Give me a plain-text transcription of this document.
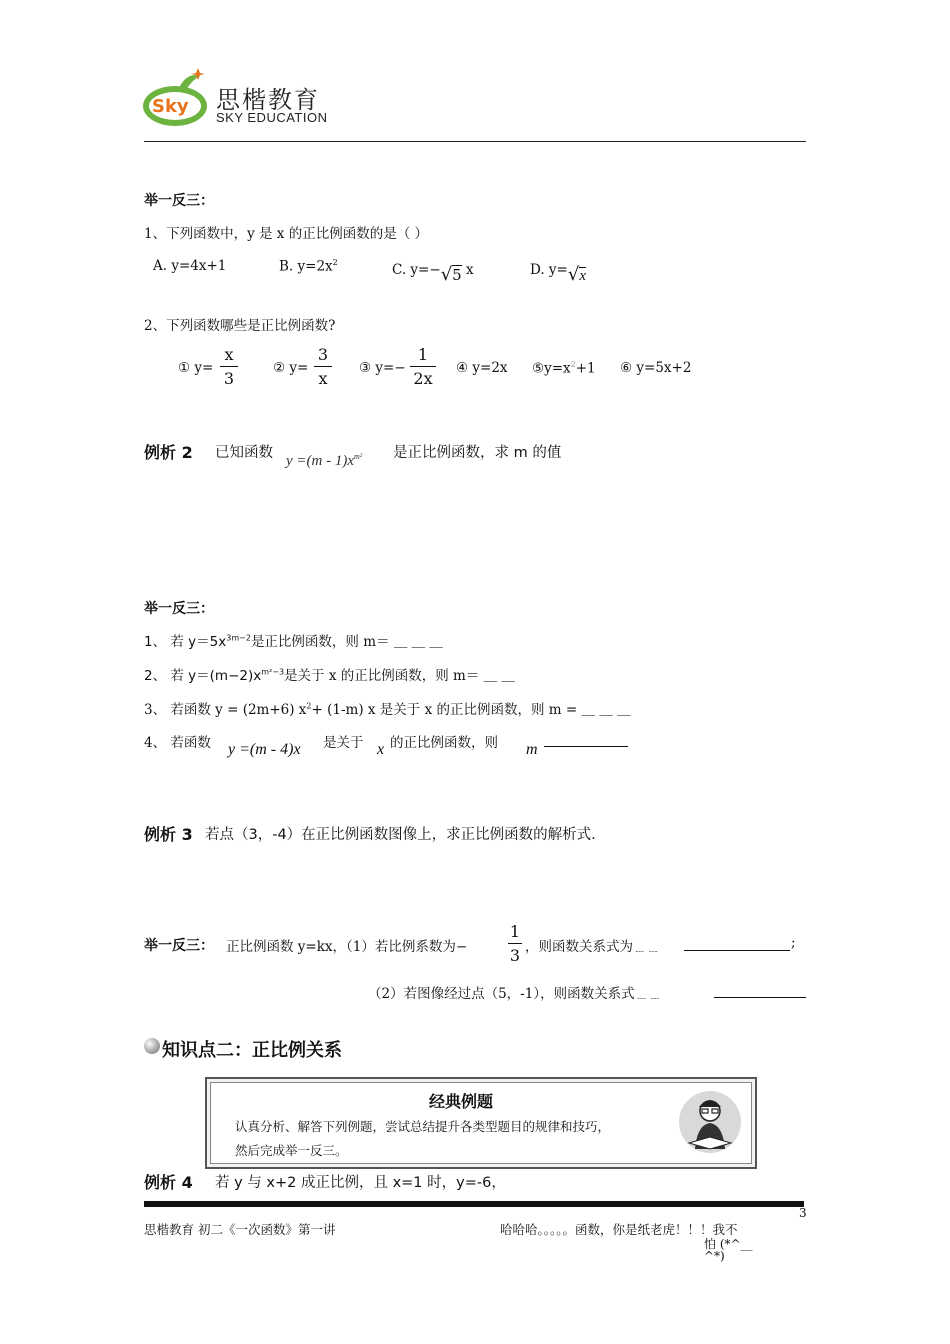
Sky 思楷教育
SKY EDUCATION
举一反三：
1、下列函数中，y 是 x 的正比例函数的是（ ）
A. y=4x+1	B. $y=2x^2$	C. y=−√5 x	D. y=√x
2、下列函数哪些是正比例函数?
① y=
x
3
② y=
3
x
③ y=−
1
2x
④ y=2x $⑤y=x^2+1$ ⑥ y=5x+2
例析 2 已知函数 $y =(m - 1)x^{m^2}$ 是正比例函数，求 m 的值
举一反三：
1、 若 $y=5x^{3m-2}$是正比例函数，则 m＝ ＿ ＿ ＿
2、 若 $y=(m-2)x^{m^2-3}$是关于 x 的正比例函数，则 m＝ ＿ ＿
3、 若函数 y = (2m+6) $x^2+ (1-m)$ x 是关于 x 的正比例函数，则 m = ＿ ＿ ＿
4、 若函数 y =(m - 4)x 是关于 x 的正比例函数，则 m
例析 3 若点（3，-4）在正比例函数图像上，求正比例函数的解析式.
举一反三： 正比例函数 y=kx，（1）若比例系数为−
1
3 ，则函数关系式为﹍﹍	;
（2）若图像经过点（5，-1），则函数关系式﹍﹍
知识点二：正比例关系
经典例题
认真分析、解答下列例题，尝试总结提升各类型题目的规律和技巧，
然后完成举一反三。
例析 4 若 y 与 x+2 成正比例，且 x=1 时，y=-6，
3
思楷教育 初二《一次函数》第一讲	哈哈哈。。。。。函数，你是纸老虎！！！我不
怕 (*^__
^*)
